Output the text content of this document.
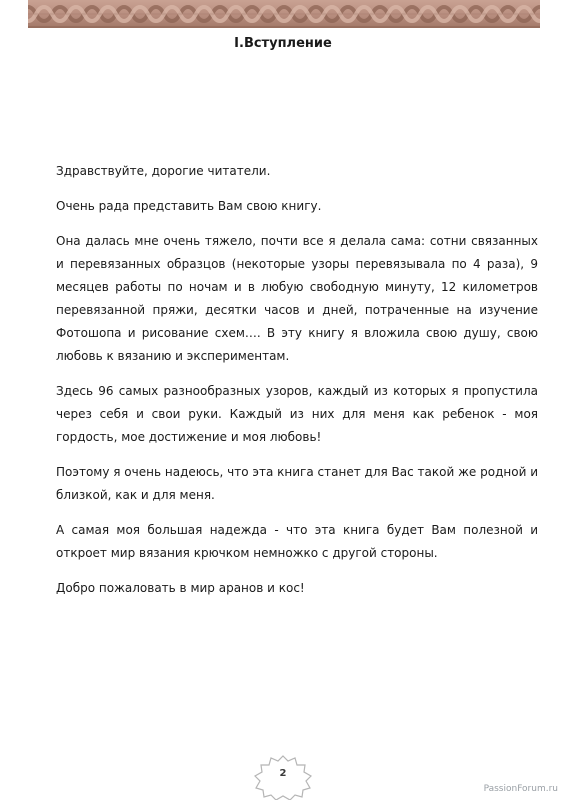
I.Вступление

Здравствуйте, дорогие читатели.

Очень рада представить Вам свою книгу.

Она далась мне очень тяжело, почти все я делала сама: сотни связанных и перевязанных образцов (некоторые узоры перевязывала по 4 раза), 9 месяцев работы по ночам и в любую свободную минуту, 12 километров перевязанной пряжи, десятки часов и дней, потраченные на изучение Фотошопа и рисование схем…. В эту книгу я вложила свою душу, свою любовь к вязанию и экспериментам.

Здесь 96 самых разнообразных узоров, каждый из которых я пропустила через себя и свои руки. Каждый из них для меня как ребенок - моя гордость, мое достижение и моя любовь!

Поэтому я очень надеюсь, что эта книга станет для Вас такой же родной и близкой, как и для меня.

А самая моя большая надежда - что эта книга будет Вам полезной и откроет мир вязания крючком немножко с другой стороны.

Добро пожаловать в мир аранов и кос!

2
PassionForum.ru
